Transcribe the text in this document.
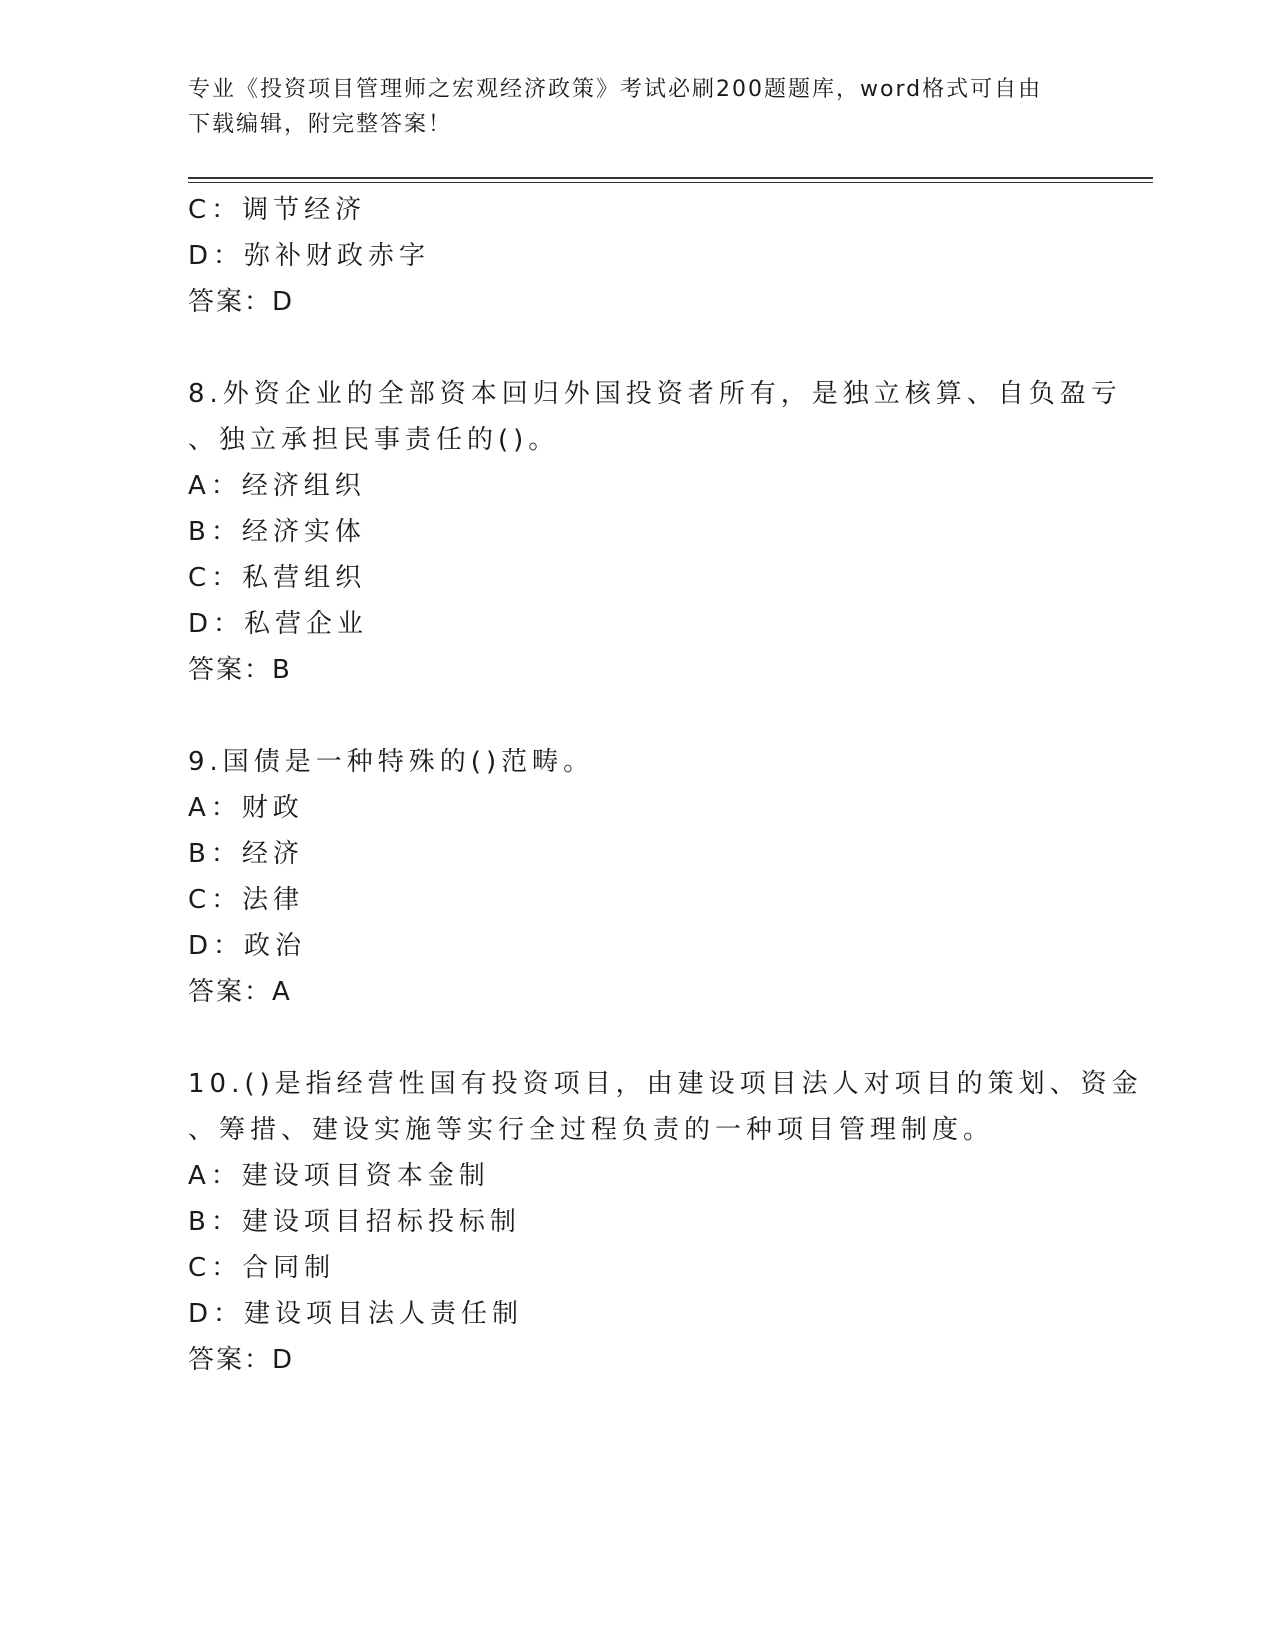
专业《投资项目管理师之宏观经济政策》考试必刷200题题库，word格式可自由
下载编辑，附完整答案！
C：调节经济
D：弥补财政赤字
答案：D
8.外资企业的全部资本回归外国投资者所有，是独立核算、自负盈亏
、独立承担民事责任的()。
A：经济组织
B：经济实体
C：私营组织
D：私营企业
答案：B
9.国债是一种特殊的()范畴。
A：财政
B：经济
C：法律
D：政治
答案：A
10.()是指经营性国有投资项目，由建设项目法人对项目的策划、资金
、筹措、建设实施等实行全过程负责的一种项目管理制度。
A：建设项目资本金制
B：建设项目招标投标制
C：合同制
D：建设项目法人责任制
答案：D
